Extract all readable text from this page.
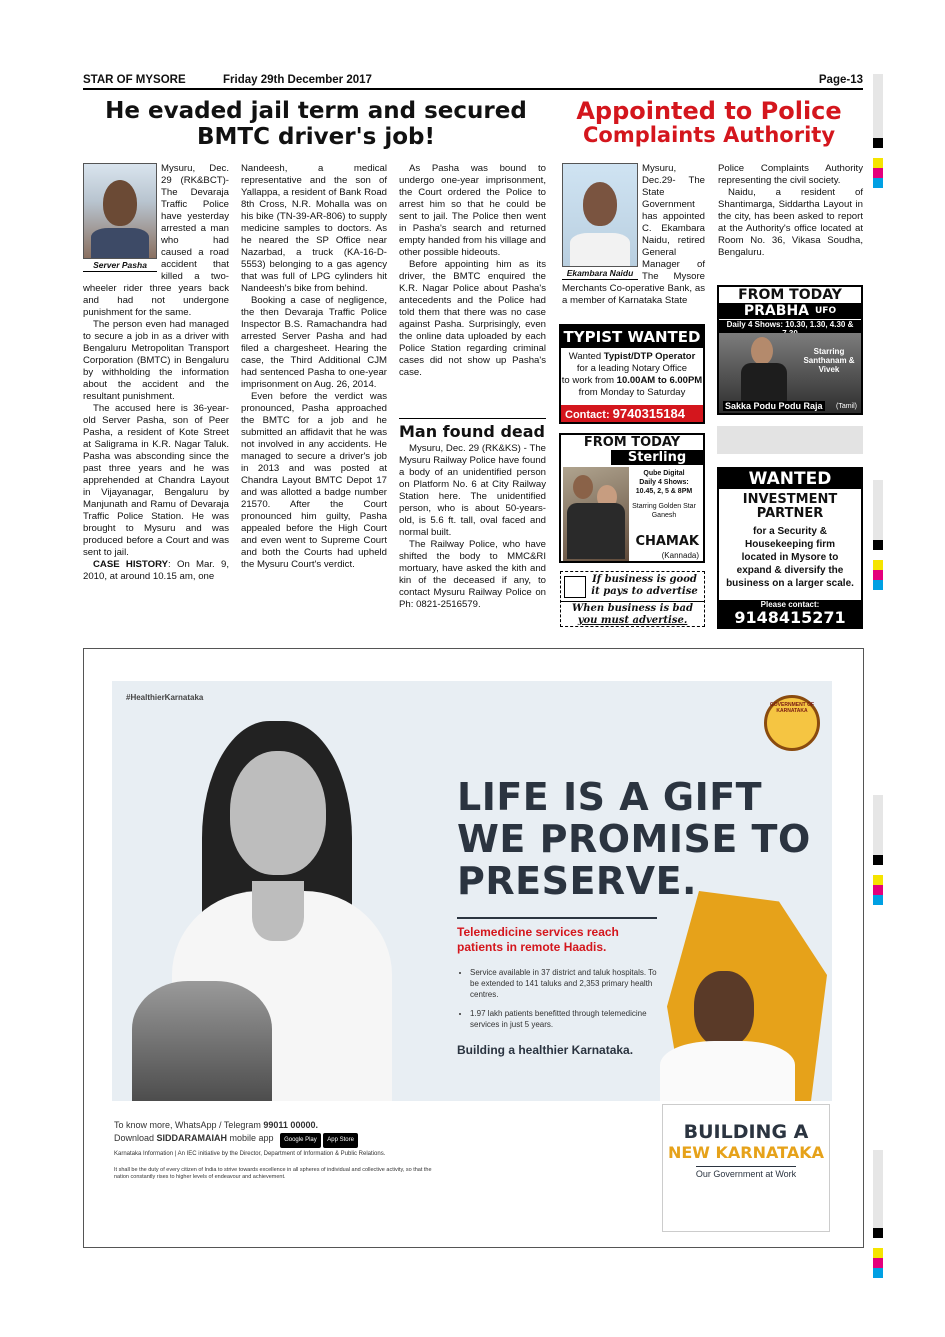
STAR OF MYSORE	Friday 29th December 2017	Page-13
He evaded jail term and secured
BMTC driver's job!
Server Pasha

Mysuru, Dec. 29 (RK&BCT)- The Devaraja Traffic Police have yesterday arrested a man who had caused a road accident that killed a two-wheeler rider three years back and had not undergone punishment for the same.

The person even had managed to secure a job in as a driver with Bengaluru Metropolitan Transport Corporation (BMTC) in Bengaluru by withholding the information about the accident and the resultant punishment.

The accused here is 36-year-old Server Pasha, son of Peer Pasha, a resident of Kote Street at Saligrama in K.R. Nagar Taluk. Pasha was absconding since the past three years and he was apprehended at Chandra Layout in Vijayanagar, Bengaluru by Manjunath and Ramu of Devaraja Traffic Police Station. He was brought to Mysuru and was produced before a Court and was sent to jail.

CASE HISTORY: On Mar. 9, 2010, at around 10.15 am, one

Nandeesh, a medical representative and the son of Yallappa, a resident of Bank Road 8th Cross, N.R. Mohalla was on his bike (TN-39-AR-806) to supply medicine samples to doctors. As he neared the SP Office near Nazarbad, a truck (KA-16-D-5553) belonging to a gas agency that was full of LPG cylinders hit Nandeesh's bike from behind.

Booking a case of negligence, the then Devaraja Traffic Police Inspector B.S. Ramachandra had arrested Server Pasha and had filed a chargesheet. Hearing the case, the Third Additional CJM had sentenced Pasha to one-year imprisonment on Aug. 26, 2014.

Even before the verdict was pronounced, Pasha approached the BMTC for a job and he submitted an affidavit that he was not involved in any accidents. He managed to secure a driver's job in 2013 and was posted at Chandra Layout BMTC Depot 17 and was allotted a badge number 21570. After the Court pronounced him guilty, Pasha appealed before the High Court and even went to Supreme Court and both the Courts had upheld the Mysuru Court's verdict.

As Pasha was bound to undergo one-year imprisonment, the Court ordered the Police to arrest him so that he could be sent to jail. The Police then went in Pasha's search and returned empty handed from his village and other possible hideouts.

Before appointing him as its driver, the BMTC enquired the K.R. Nagar Police about Pasha's antecedents and the Police had told them that there was no case against Pasha. Surprisingly, even the online data uploaded by each Police Station regarding criminal cases did not show up Pasha's case.

Man found dead

Mysuru, Dec. 29 (RK&KS) - The Mysuru Railway Police have found a body of an unidentified person on Platform No. 6 at City Railway Station here. The unidentified person, who is about 50-years-old, is 5.6 ft. tall, oval faced and normal built.

The Railway Police, who have shifted the body to MMC&RI mortuary, have asked the kith and kin of the deceased if any, to contact Mysuru Railway Police on Ph: 0821-2516579.

Appointed to Police
Complaints Authority
Ekambara Naidu

Mysuru, Dec.29- The State Government has appointed C. Ekambara Naidu, retired General Manager of The Mysore Merchants Co-operative Bank, as a member of Karnataka State

Police Complaints Authority representing the civil society.

Naidu, a resident of Shantimarga, Siddartha Layout in the city, has been asked to report at the Authority's office located at Room No. 36, Vikasa Soudha, Bengaluru.

TYPIST WANTED
Wanted Typist/DTP Operator
for a leading Notary Office
to work from 10.00AM to 6.00PM
from Monday to Saturday
Contact: 9740315184
FROM TODAY
Sterling
Qube Digital
Daily 4 Shows: 10.45, 2, 5 & 8PM
Starring Golden Star Ganesh
CHAMAK
(Kannada)
If business is good
it pays to advertise
When business is bad
you must advertise.
FROM TODAY
PRABHA UFO
Daily 4 Shows: 10.30, 1.30, 4.30 &
Starring Santhanam & Vivek
Sakka Podu Podu Raja (Tamil)
WANTED
INVESTMENT
PARTNER
for a Security &
Housekeeping firm
located in Mysore to
expand & diversify the
business on a larger scale.
Please contact:
9148415271
#HealthierKarnataka
GOVERNMENT OF KARNATAKA
LIFE IS A GIFT
WE PROMISE TO
PRESERVE.
Telemedicine services reach
patients in remote Haadis.
• Service available in 37 district and taluk hospitals. To be extended to 141 taluks and 2,353 primary health centres.
• 1.97 lakh patients benefitted through telemedicine services in just 5 years.
Building a healthier Karnataka.
To know more, WhatsApp / Telegram 99011 00000.
Download SIDDARAMAIAH mobile app Google Play App Store
Karnataka Information | An IEC initiative by the Director, Department of Information & Public Relations.
It shall be the duty of every citizen of India to strive towards excellence in all spheres of individual and collective activity, so that the nation constantly rises to higher levels of endeavour and achievement.
BUILDING A
NEW KARNATAKA
Our Government at Work
